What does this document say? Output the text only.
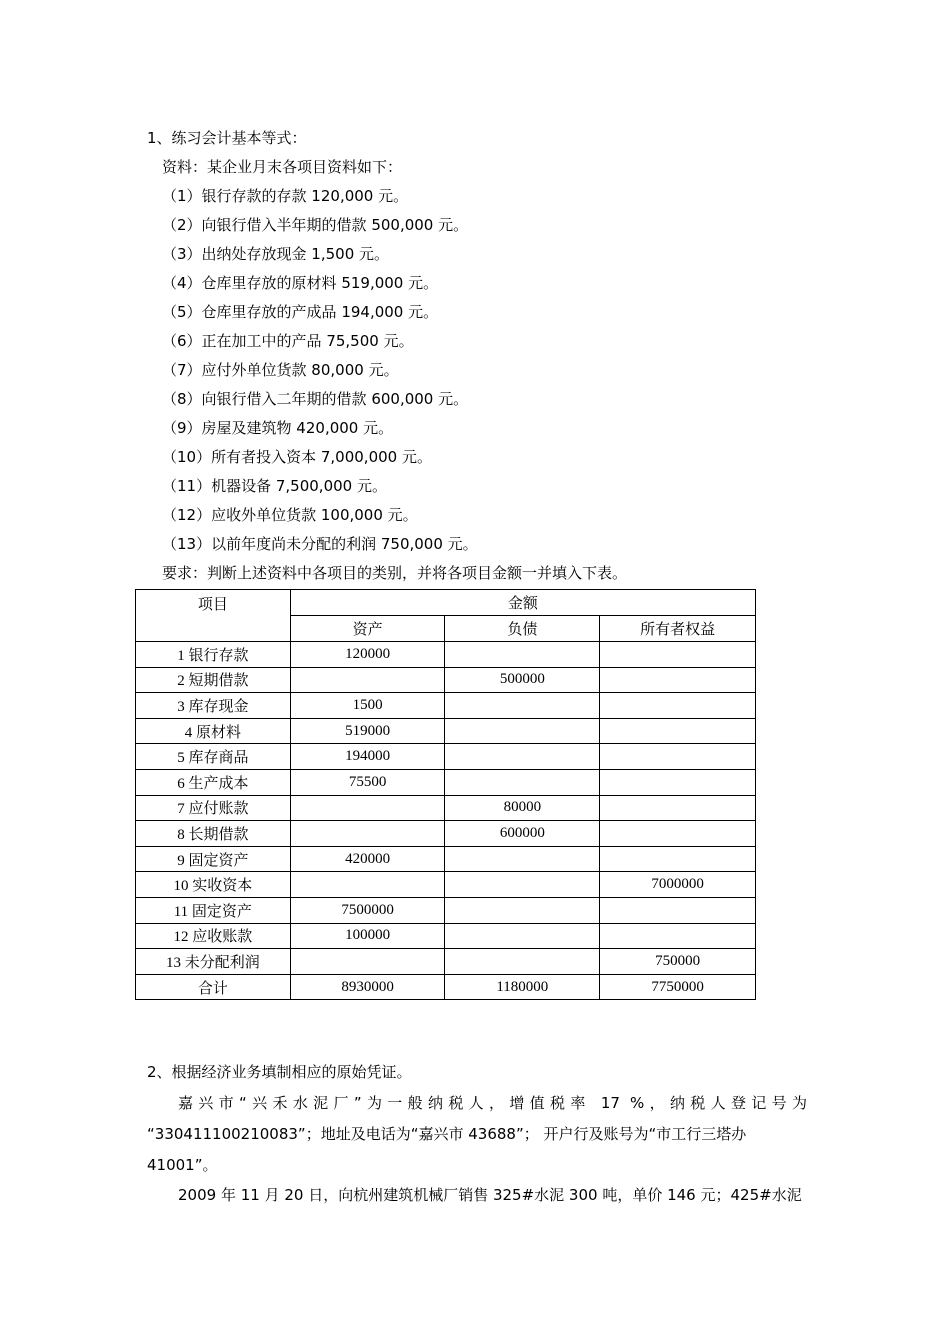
1、练习会计基本等式：
资料：某企业月末各项目资料如下：
（1）银行存款的存款 120,000 元。
（2）向银行借入半年期的借款 500,000 元。
（3）出纳处存放现金 1,500 元。
（4）仓库里存放的原材料 519,000 元。
（5）仓库里存放的产成品 194,000 元。
（6）正在加工中的产品 75,500 元。
（7）应付外单位货款 80,000 元。
（8）向银行借入二年期的借款 600,000 元。
（9）房屋及建筑物 420,000 元。
（10）所有者投入资本 7,000,000 元。
（11）机器设备 7,500,000 元。
（12）应收外单位货款 100,000 元。
（13）以前年度尚未分配的利润 750,000 元。
要求：判断上述资料中各项目的类别，并将各项目金额一并填入下表。
项目	金额		
	资产	负债	所有者权益
1 银行存款	120000		
2 短期借款		500000	
3 库存现金	1500		
4 原材料	519000		
5 库存商品	194000		
6 生产成本	75500		
7 应付账款		80000	
8 长期借款		600000	
9 固定资产	420000		
10 实收资本			7000000
11 固定资产	7500000		
12 应收账款	100000		
13 未分配利润			750000
合计	8930000	1180000	7750000
2、根据经济业务填制相应的原始凭证。
嘉兴市“兴禾水泥厂”为一般纳税人，增值税率 17 %，纳税人登记号为
“330411100210083”；地址及电话为“嘉兴市 43688”； 开户行及账号为“市工行三塔办
41001”。
2009 年 11 月 20 日，向杭州建筑机械厂销售 325#水泥 300 吨，单价 146 元；425#水泥
